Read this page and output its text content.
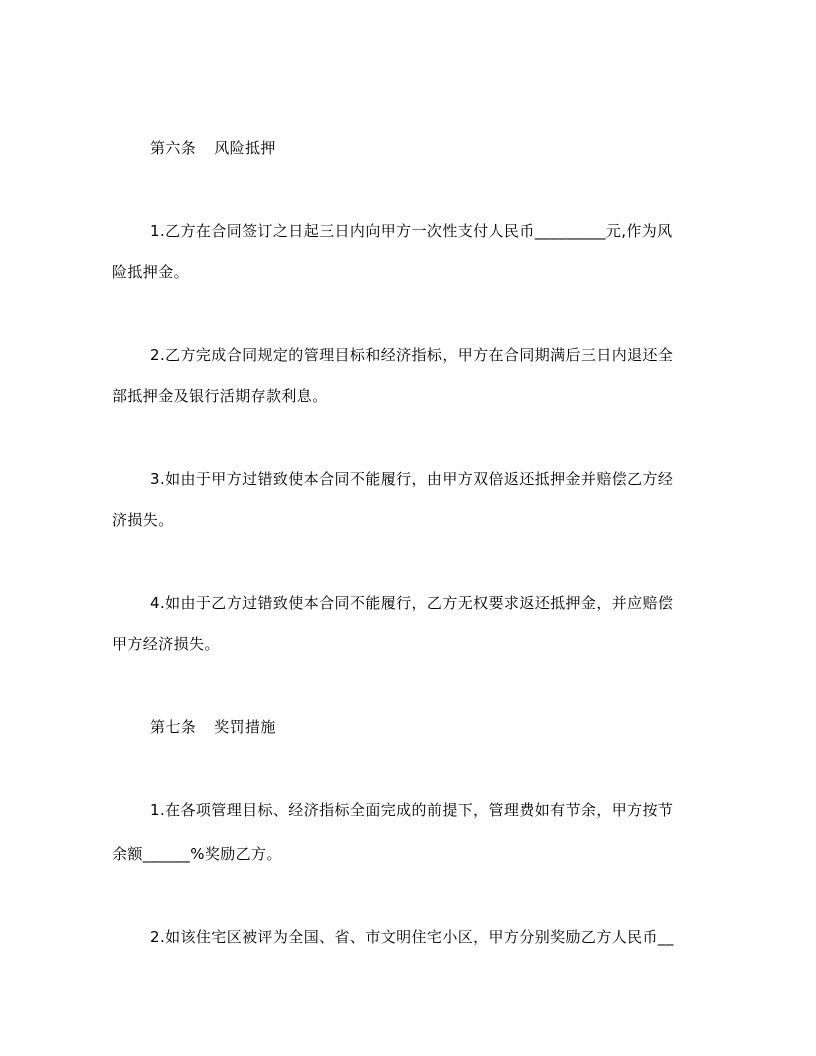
第六条 风险抵押
1.乙方在合同签订之日起三日内向甲方一次性支付人民币_________元,作为风
险抵押金。
2.乙方完成合同规定的管理目标和经济指标，甲方在合同期满后三日内退还全
部抵押金及银行活期存款利息。
3.如由于甲方过错致使本合同不能履行，由甲方双倍返还抵押金并赔偿乙方经
济损失。
4.如由于乙方过错致使本合同不能履行，乙方无权要求返还抵押金，并应赔偿
甲方经济损失。
第七条 奖罚措施
1.在各项管理目标、经济指标全面完成的前提下，管理费如有节余，甲方按节
余额______%奖励乙方。
2.如该住宅区被评为全国、省、市文明住宅小区，甲方分别奖励乙方人民币__
